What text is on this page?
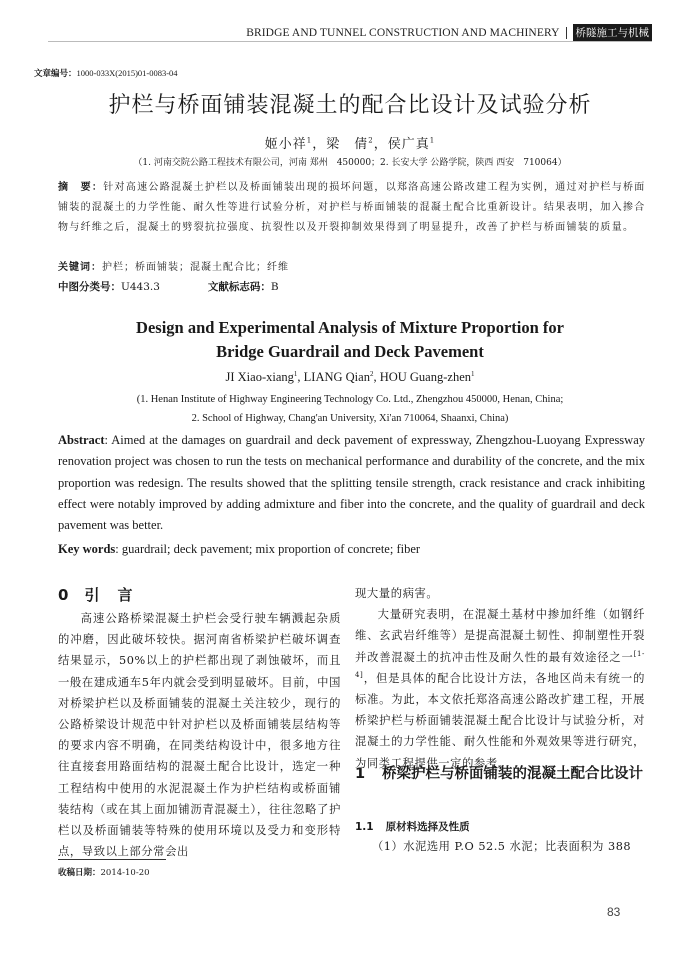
BRIDGE AND TUNNEL CONSTRUCTION AND MACHINERY 桥隧施工与机械
文章编号：1000-033X(2015)01-0083-04
护栏与桥面铺装混凝土的配合比设计及试验分析
姬小祥$^1$，梁　倩$^2$，侯广真$^1$
（1. 河南交院公路工程技术有限公司，河南 郑州　450000；2. 长安大学 公路学院，陕西 西安　710064）
摘　要：针对高速公路混凝土护栏以及桥面铺装出现的损坏问题，以郑洛高速公路改建工程为实例，通过对护栏与桥面铺装的混凝土的力学性能、耐久性等进行试验分析，对护栏与桥面铺装的混凝土配合比重新设计。结果表明，加入掺合物与纤维之后，混凝土的劈裂抗拉强度、抗裂性以及开裂抑制效果得到了明显提升，改善了护栏与桥面铺装的质量。
关键词：护栏；桥面铺装；混凝土配合比；纤维
中图分类号：U443.3	文献标志码：B
Design and Experimental Analysis of Mixture Proportion for
Bridge Guardrail and Deck Pavement
JI Xiao-xiang$^1$, LIANG Qian$^2$, HOU Guang-zhen$^1$
(1. Henan Institute of Highway Engineering Technology Co. Ltd., Zhengzhou 450000, Henan, China;
2. School of Highway, Chang'an University, Xi'an 710064, Shaanxi, China)
Abstract: Aimed at the damages on guardrail and deck pavement of expressway, Zhengzhou-Luoyang Expressway renovation project was chosen to run the tests on mechanical performance and durability of the concrete, and the mix proportion was redesign. The results showed that the splitting tensile strength, crack resistance and crack inhibiting effect were notably improved by adding admixture and fiber into the concrete, and the quality of guardrail and deck pavement was better.
Key words: guardrail; deck pavement; mix proportion of concrete; fiber
0 引 言

高速公路桥梁混凝土护栏会受行驶车辆溅起杂质的冲磨，因此破坏较快。据河南省桥梁护栏破坏调查结果显示，50%以上的护栏都出现了剥蚀破坏，而且一般在建成通车5年内就会受到明显破坏。目前，中国对桥梁护栏以及桥面铺装的混凝土关注较少，现行的公路桥梁设计规范中针对护栏以及桥面铺装层结构等的要求内容不明确，在同类结构设计中，很多地方往往直接套用路面结构的混凝土配合比设计，选定一种工程结构中使用的水泥混凝土作为护栏结构或桥面铺装结构（或在其上面加铺沥青混凝土），往往忽略了护栏以及桥面铺装等特殊的使用环境以及受力和变形特点，导致以上部分常会出

现大量的病害。

大量研究表明，在混凝土基材中掺加纤维（如钢纤维、玄武岩纤维等）是提高混凝土韧性、抑制塑性开裂并改善混凝土的抗冲击性及耐久性的最有效途径之一[1-4]，但是具体的配合比设计方法，各地区尚未有统一的标准。为此，本文依托郑洛高速公路改扩建工程，开展桥梁护栏与桥面铺装混凝土配合比设计与试验分析，对混凝土的力学性能、耐久性能和外观效果等进行研究，为同类工程提供一定的参考。

1	桥梁护栏与桥面铺装的混凝土配合比设计
1.1 原材料选择及性质
（1）水泥选用 P.O 52.5 水泥；比表面积为 388
收稿日期：2014-10-20
83
